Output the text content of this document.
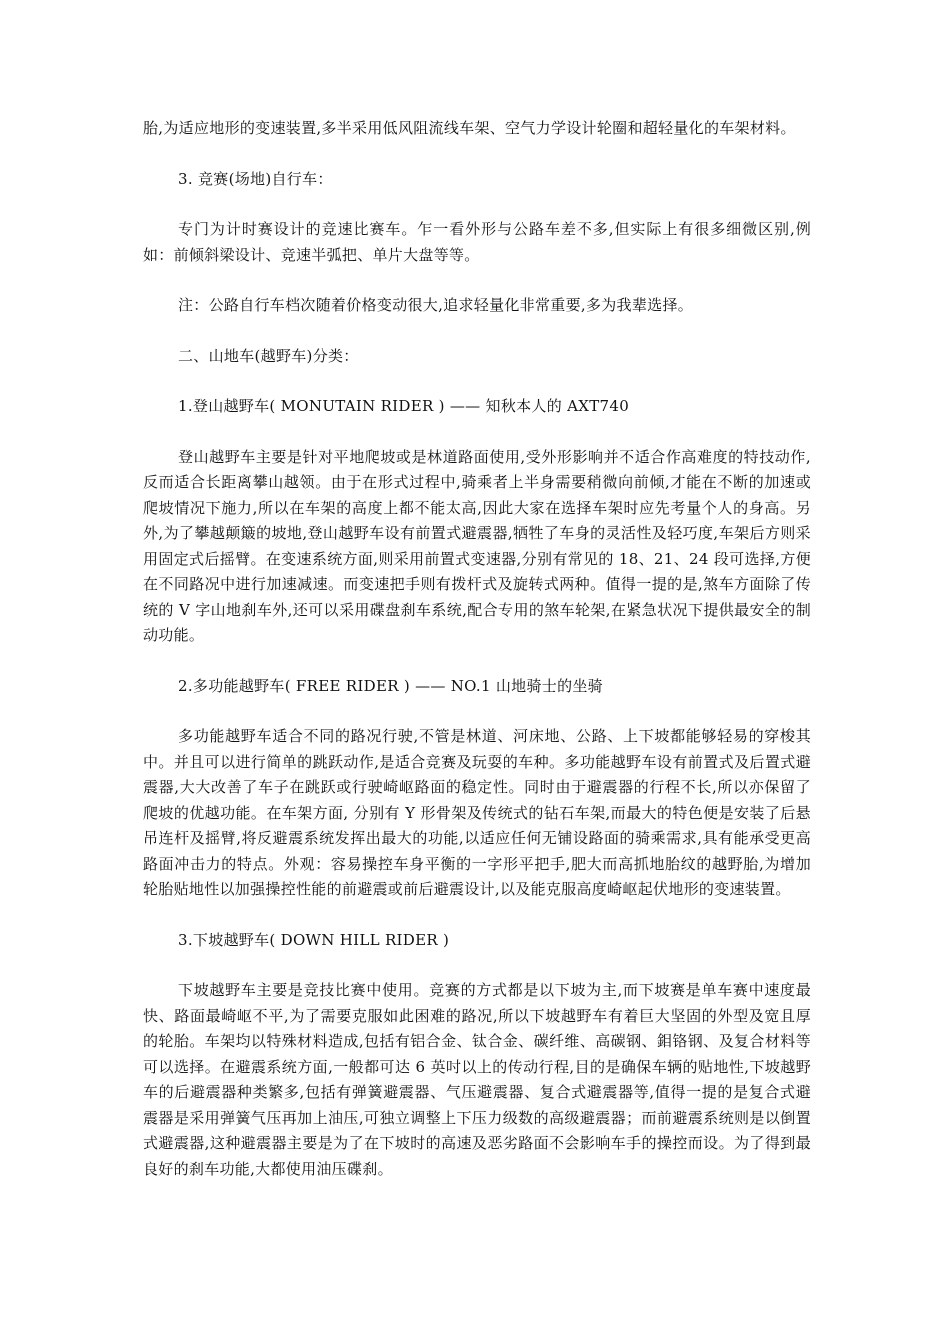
胎,为适应地形的变速装置,多半采用低风阻流线车架、空气力学设计轮圈和超轻量化的车架材料。

3. 竞赛(场地)自行车：

专门为计时赛设计的竞速比赛车。乍一看外形与公路车差不多,但实际上有很多细微区别,例如：前倾斜梁设计、竞速半弧把、单片大盘等等。

注：公路自行车档次随着价格变动很大,追求轻量化非常重要,多为我辈选择。

二、山地车(越野车)分类：

1.登山越野车( MONUTAIN RIDER ) —— 知秋本人的 AXT740

登山越野车主要是针对平地爬坡或是林道路面使用,受外形影响并不适合作高难度的特技动作,反而适合长距离攀山越领。由于在形式过程中,骑乘者上半身需要稍微向前倾,才能在不断的加速或爬坡情况下施力,所以在车架的高度上都不能太高,因此大家在选择车架时应先考量个人的身高。另外,为了攀越颠簸的坡地,登山越野车设有前置式避震器,牺牲了车身的灵活性及轻巧度,车架后方则采用固定式后摇臂。在变速系统方面,则采用前置式变速器,分别有常见的 18、21、24 段可选择,方便在不同路况中进行加速减速。而变速把手则有拨杆式及旋转式两种。值得一提的是,煞车方面除了传统的 V 字山地刹车外,还可以采用碟盘刹车系统,配合专用的煞车轮架,在紧急状况下提供最安全的制动功能。

2.多功能越野车( FREE RIDER ) —— NO.1 山地骑士的坐骑

多功能越野车适合不同的路况行驶,不管是林道、河床地、公路、上下坡都能够轻易的穿梭其中。并且可以进行简单的跳跃动作,是适合竞赛及玩耍的车种。多功能越野车设有前置式及后置式避震器,大大改善了车子在跳跃或行驶崎岖路面的稳定性。同时由于避震器的行程不长,所以亦保留了爬坡的优越功能。在车架方面, 分别有 Y 形骨架及传统式的钻石车架,而最大的特色便是安装了后悬吊连杆及摇臂,将反避震系统发挥出最大的功能,以适应任何无铺设路面的骑乘需求,具有能承受更高路面冲击力的特点。外观：容易操控车身平衡的一字形平把手,肥大而高抓地胎纹的越野胎,为增加轮胎贴地性以加强操控性能的前避震或前后避震设计,以及能克服高度崎岖起伏地形的变速装置。

3.下坡越野车( DOWN HILL RIDER )

下坡越野车主要是竞技比赛中使用。竞赛的方式都是以下坡为主,而下坡赛是单车赛中速度最快、路面最崎岖不平,为了需要克服如此困难的路况,所以下坡越野车有着巨大坚固的外型及宽且厚的轮胎。车架均以特殊材料造成,包括有铝合金、钛合金、碳纤维、高碳钢、鉬铬钢、及复合材料等可以选择。在避震系统方面,一般都可达 6 英吋以上的传动行程,目的是确保车辆的贴地性,下坡越野车的后避震器种类繁多,包括有弹簧避震器、气压避震器、复合式避震器等,值得一提的是复合式避震器是采用弹簧气压再加上油压,可独立调整上下压力级数的高级避震器；而前避震系统则是以倒置式避震器,这种避震器主要是为了在下坡时的高速及恶劣路面不会影响车手的操控而设。为了得到最良好的刹车功能,大都使用油压碟刹。
